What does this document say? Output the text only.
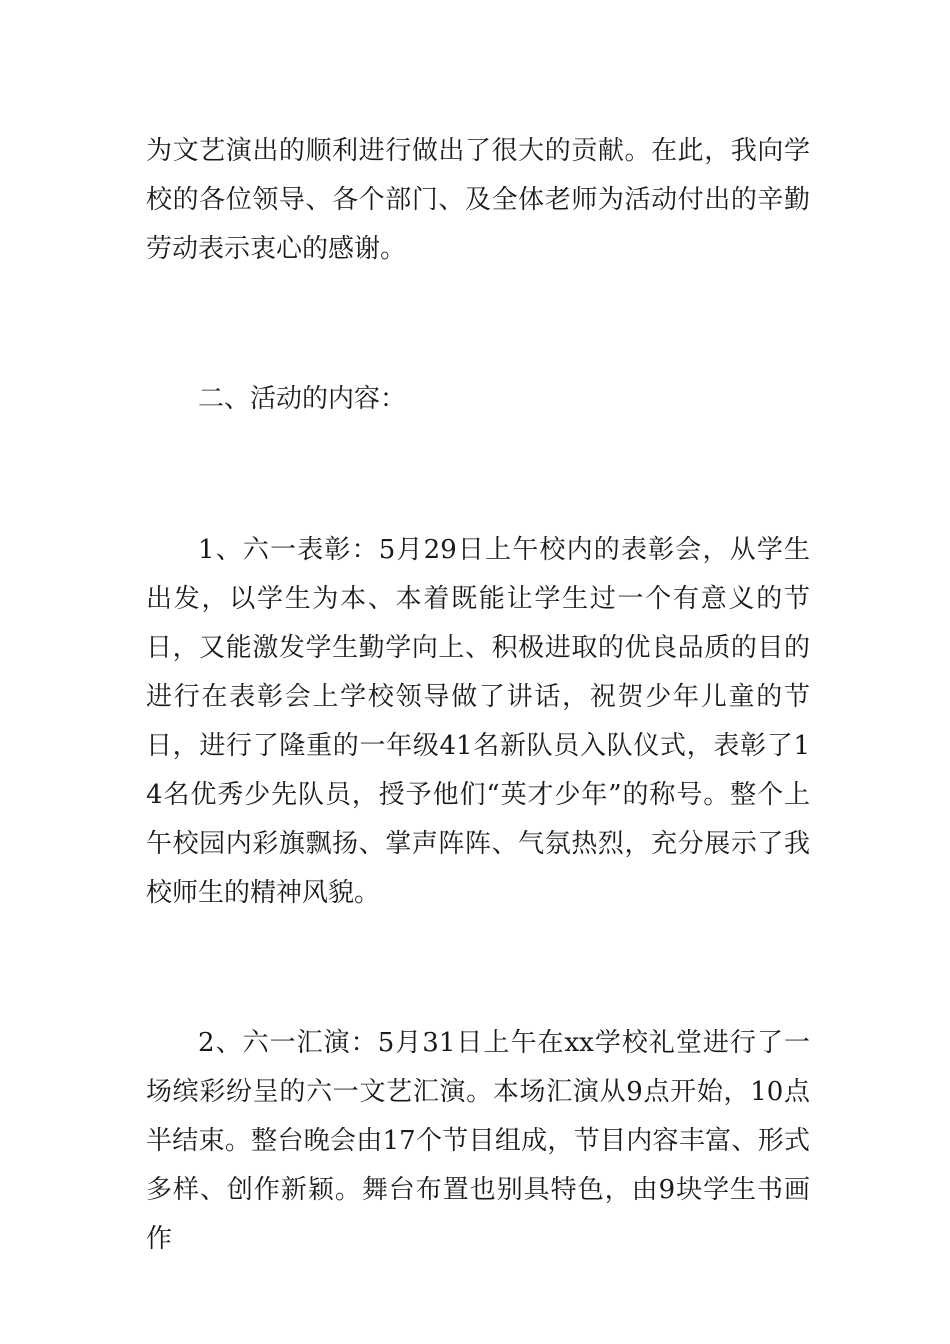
为文艺演出的顺利进行做出了很大的贡献。在此，我向学校的各位领导、各个部门、及全体老师为活动付出的辛勤劳动表示衷心的感谢。

二、活动的内容：

1、六一表彰：5月29日上午校内的表彰会，从学生出发，以学生为本、本着既能让学生过一个有意义的节日，又能激发学生勤学向上、积极进取的优良品质的目的进行在表彰会上学校领导做了讲话，祝贺少年儿童的节日，进行了隆重的一年级41名新队员入队仪式，表彰了14名优秀少先队员，授予他们“英才少年”的称号。整个上午校园内彩旗飘扬、掌声阵阵、气氛热烈，充分展示了我校师生的精神风貌。

2、六一汇演：5月31日上午在xx学校礼堂进行了一场缤彩纷呈的六一文艺汇演。本场汇演从9点开始，10点半结束。整台晚会由17个节目组成，节目内容丰富、形式多样、创作新颖。舞台布置也别具特色，由9块学生书画作
